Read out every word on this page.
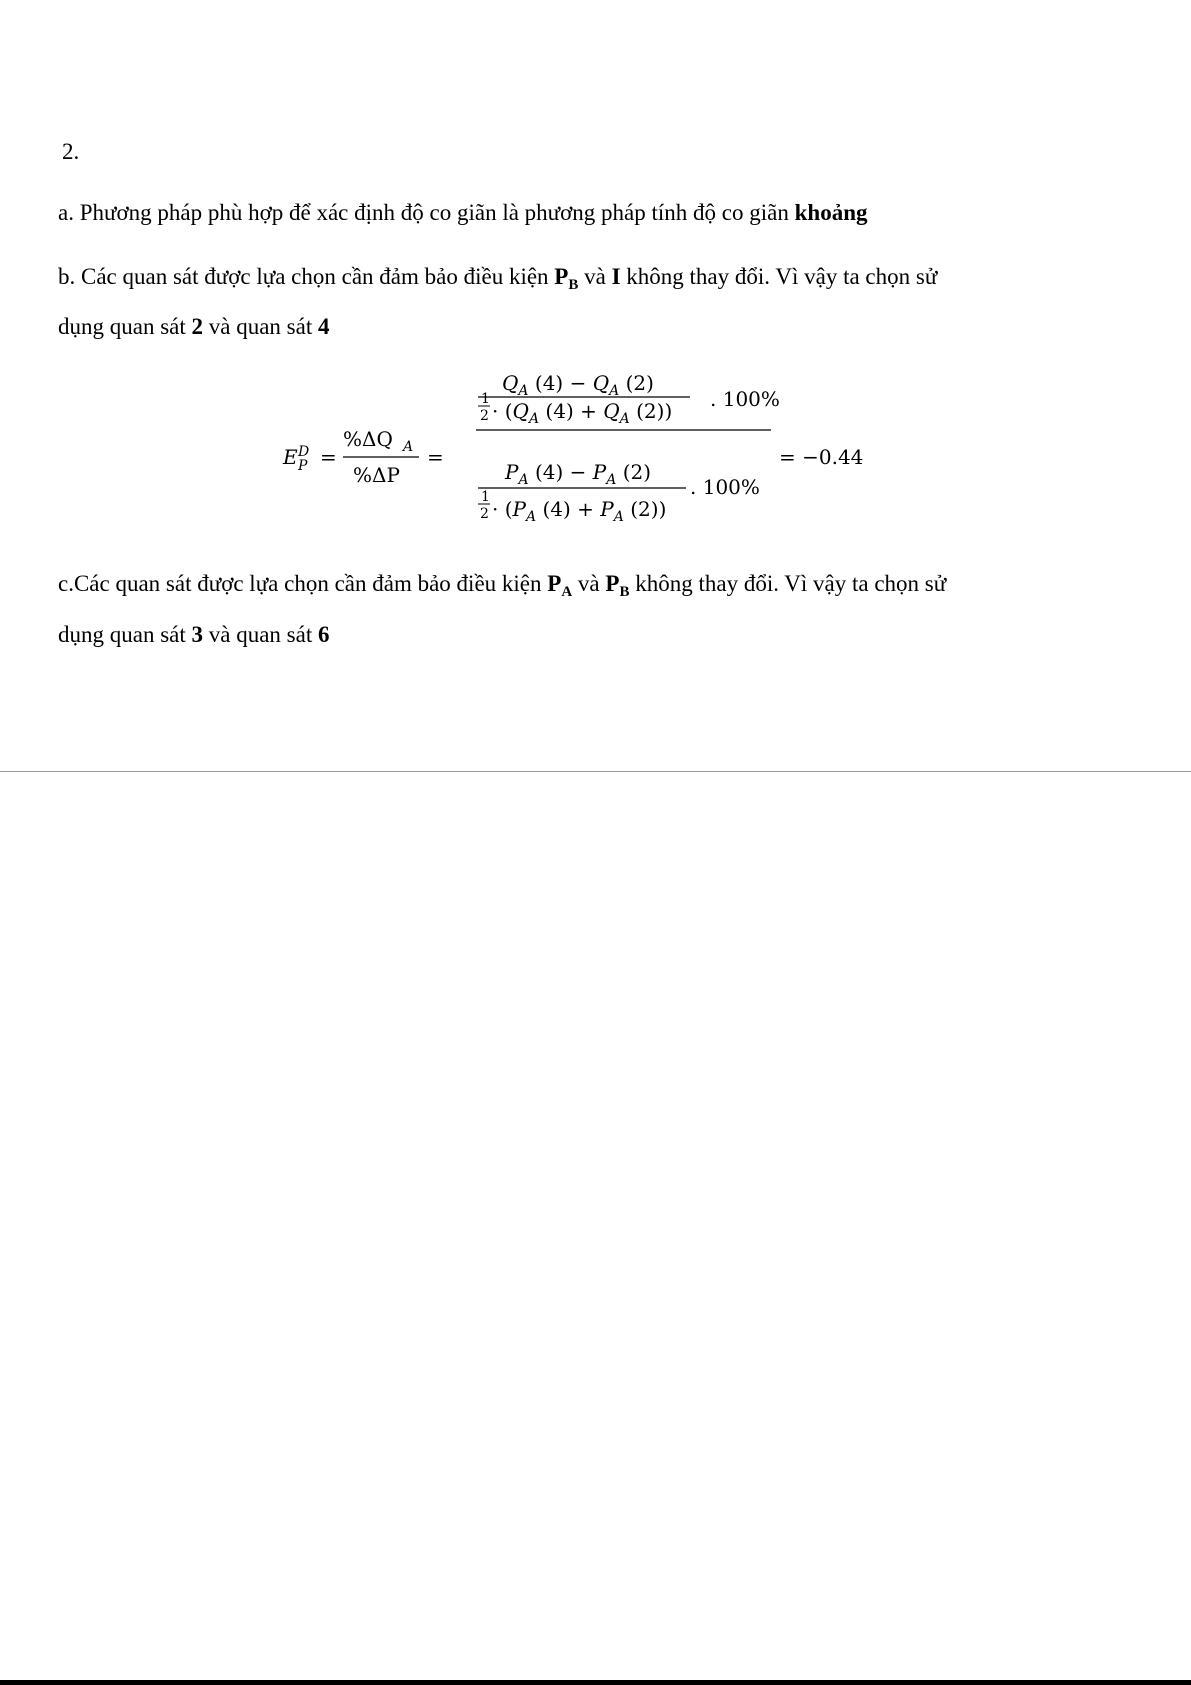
2.
a. Phương pháp phù hợp để xác định độ co giãn là phương pháp tính độ co giãn khoảng
b. Các quan sát được lựa chọn cần đảm bảo điều kiện $P_B$ và I không thay đổi. Vì vậy ta chọn sử
dụng quan sát 2 và quan sát 4
E D
P =
%ΔQ A
%ΔP
=
$Q_A$ $(4) - Q_A$ (2)
. 100%
1
$2 \cdot (Q_A$ $(4) + Q_A$ (2))
$P_A$ $(4) - P_A$ (2)
. 100%
1
$2 \cdot (P_A$ $(4) + P_A$ (2))
= −0.44
c.Các quan sát được lựa chọn cần đảm bảo điều kiện $P_A$ và $P_B$ không thay đổi. Vì vậy ta chọn sử
dụng quan sát 3 và quan sát 6
